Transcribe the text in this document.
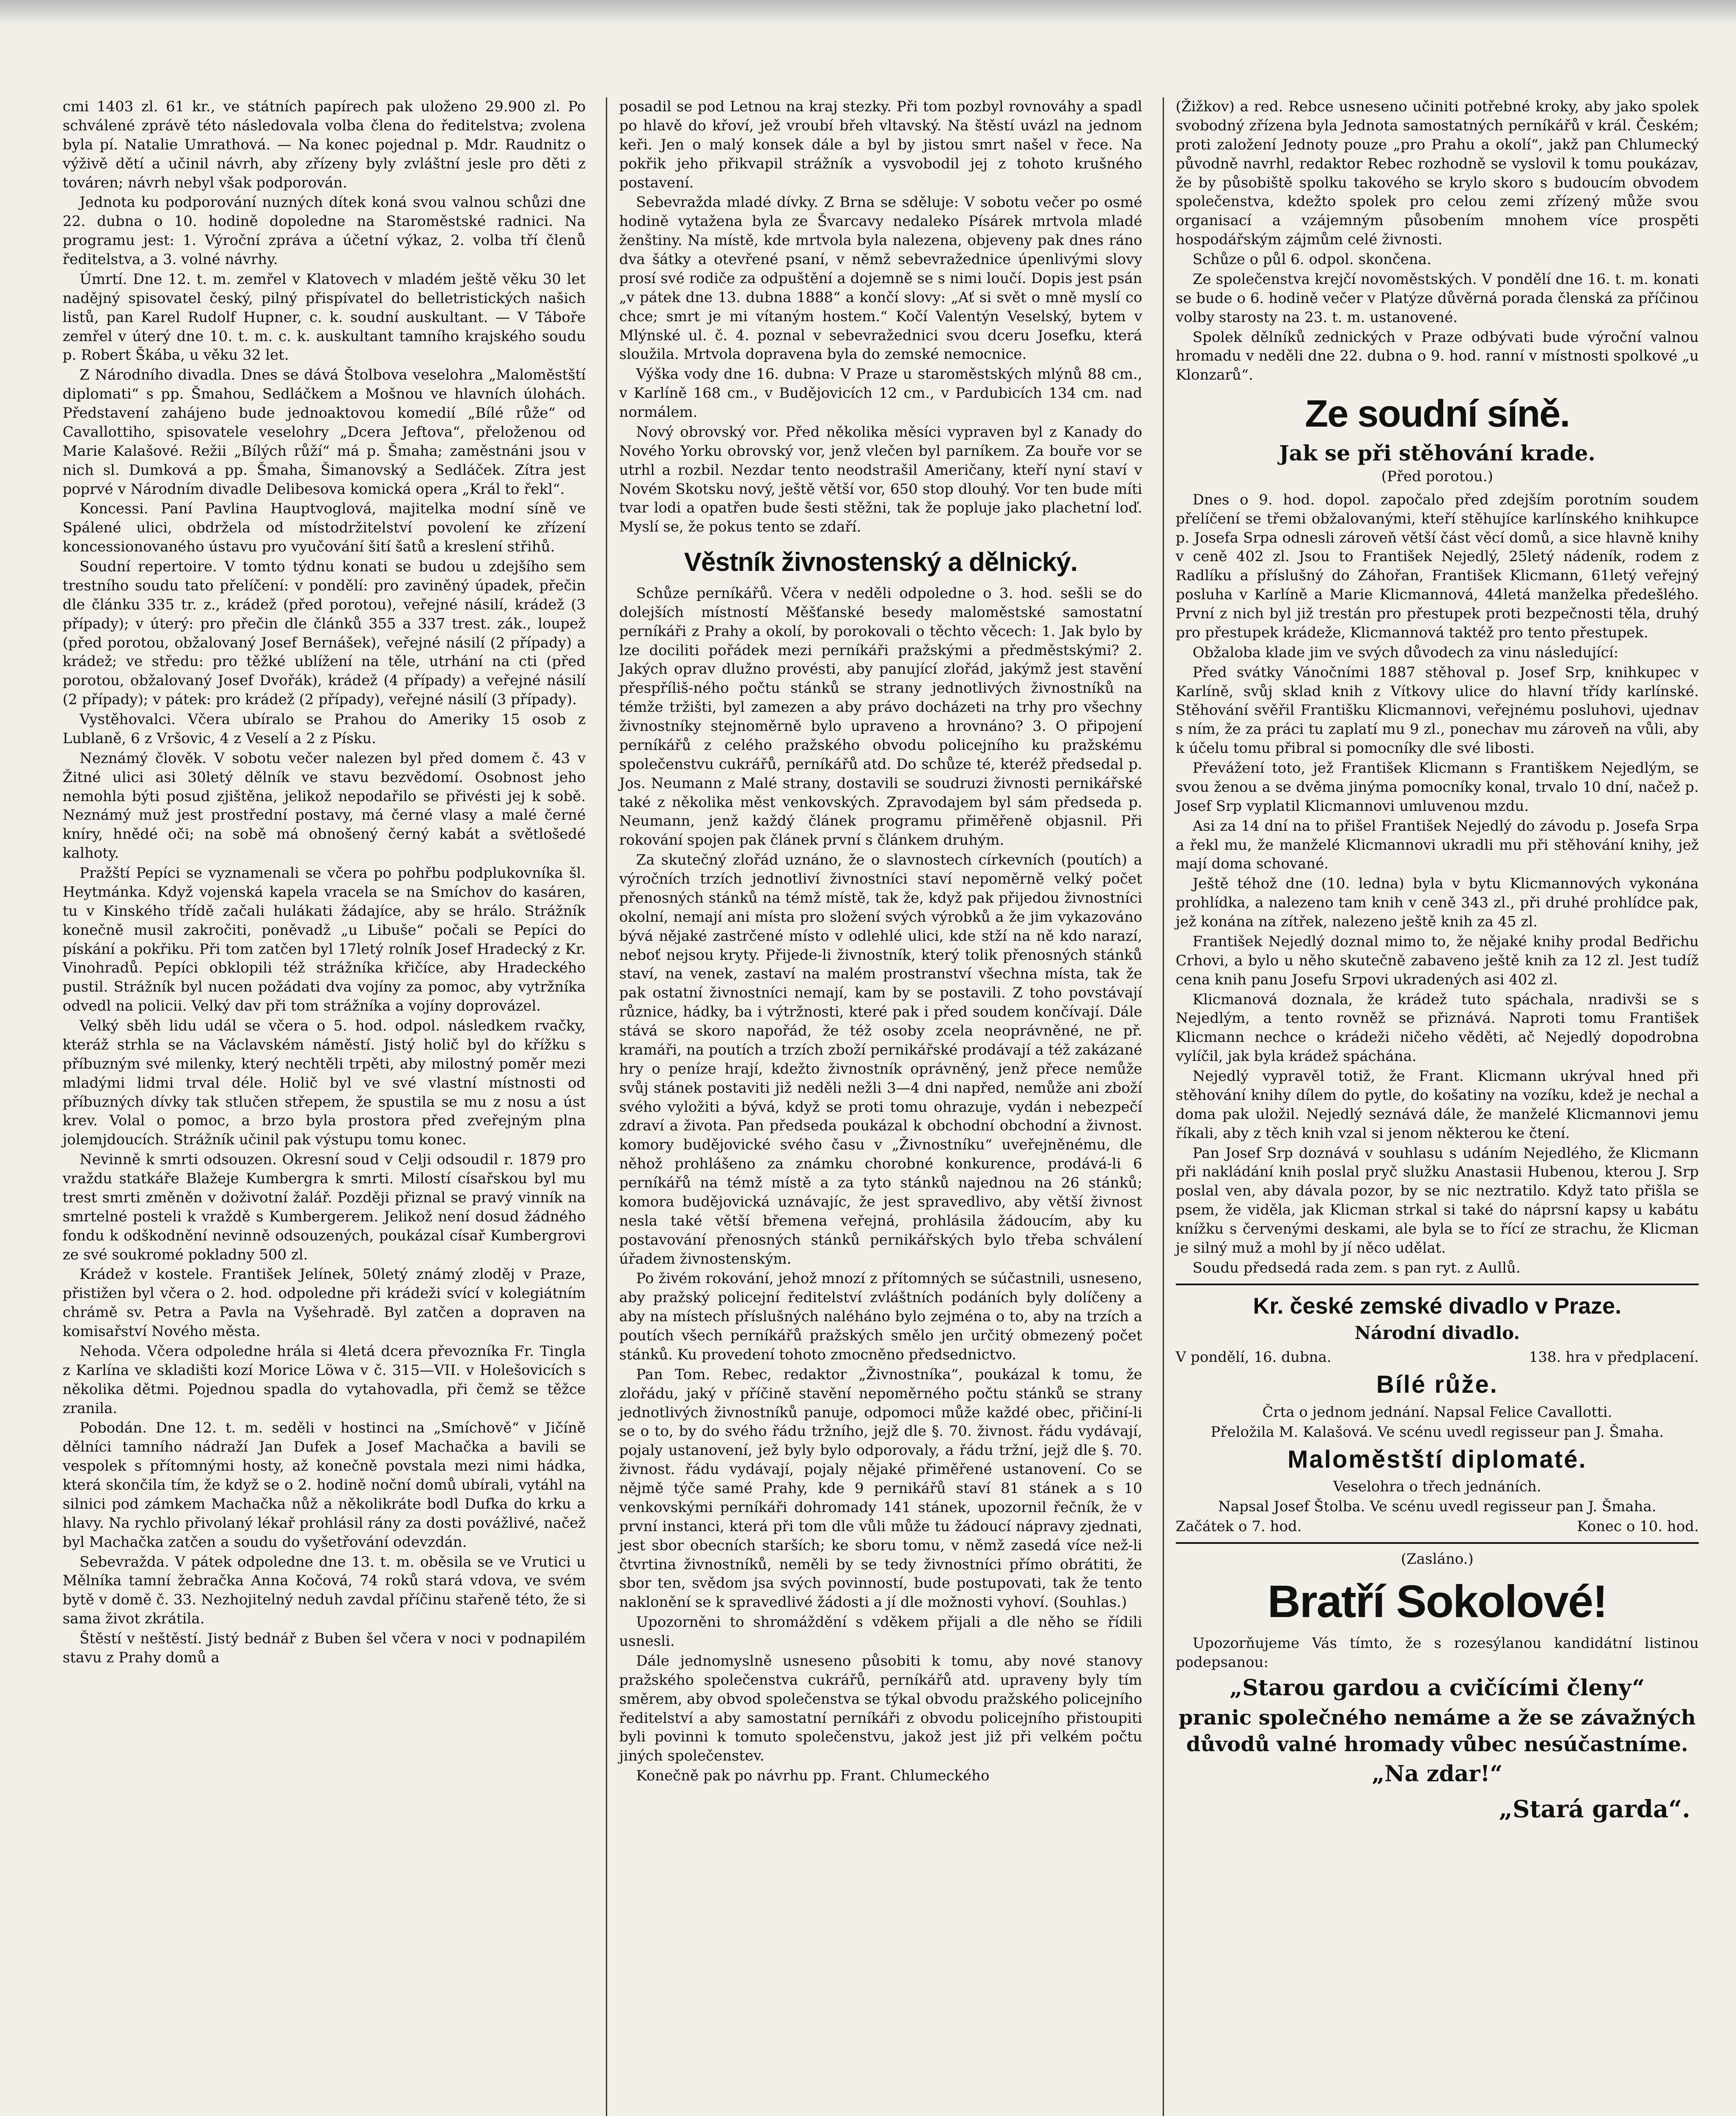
cmi 1403 zl. 61 kr., ve státních papírech pak uloženo 29.900 zl. Po schválené zprávě této následovala volba člena do ředitelstva; zvolena byla pí. Natalie Umrathová. — Na konec pojednal p. Mdr. Raudnitz o výživě dětí a učinil návrh, aby zřízeny byly zvláštní jesle pro děti z továren; návrh nebyl však podporován.

Jednota ku podporování nuzných dítek koná svou valnou schůzi dne 22. dubna o 10. hodině dopoledne na Staroměstské radnici. Na programu jest: 1. Výroční zpráva a účetní výkaz, 2. volba tří členů ředitelstva, a 3. volné návrhy.

Úmrtí. Dne 12. t. m. zemřel v Klatovech v mladém ještě věku 30 let nadějný spisovatel český, pilný přispívatel do belletristických našich listů, pan Karel Rudolf Hupner, c. k. soudní auskultant. — V Táboře zemřel v úterý dne 10. t. m. c. k. auskultant tamního krajského soudu p. Robert Škába, u věku 32 let.

Z Národního divadla. Dnes se dává Štolbova veselohra „Maloměstští diplomati“ s pp. Šmahou, Sedláčkem a Mošnou ve hlavních úlohách. Představení zahájeno bude jednoaktovou komedií „Bílé růže“ od Cavallottiho, spisovatele veselohry „Dcera Jeftova“, přeloženou od Marie Kalašové. Režii „Bílých růží“ má p. Šmaha; zaměstnáni jsou v nich sl. Dumková a pp. Šmaha, Šimanovský a Sedláček. Zítra jest poprvé v Národním divadle Delibesova komická opera „Král to řekl“.

Koncessi. Paní Pavlina Hauptvoglová, majitelka modní síně ve Spálené ulici, obdržela od místodržitelství povolení ke zřízení koncessionovaného ústavu pro vyučování šití šatů a kreslení střihů.

Soudní repertoire. V tomto týdnu konati se budou u zdejšího sem trestního soudu tato přelíčení: v pondělí: pro zaviněný úpadek, přečin dle článku 335 tr. z., krádež (před porotou), veřejné násilí, krádež (3 případy); v úterý: pro přečin dle článků 355 a 337 trest. zák., loupež (před porotou, obžalovaný Josef Bernášek), veřejné násilí (2 případy) a krádež; ve středu: pro těžké ublížení na těle, utrhání na cti (před porotou, obžalovaný Josef Dvořák), krádež (4 případy) a veřejné násilí (2 případy); v pátek: pro krádež (2 případy), veřejné násilí (3 případy).

Vystěhovalci. Včera ubíralo se Prahou do Ameriky 15 osob z Lublaně, 6 z Vršovic, 4 z Veselí a 2 z Písku.

Neznámý člověk. V sobotu večer nalezen byl před domem č. 43 v Žitné ulici asi 30letý dělník ve stavu bezvědomí. Osobnost jeho nemohla býti posud zjištěna, jelikož nepodařilo se přivésti jej k sobě. Neznámý muž jest prostřední postavy, má černé vlasy a malé černé kníry, hnědé oči; na sobě má obnošený černý kabát a světlošedé kalhoty.

Pražští Pepíci se vyznamenali se včera po pohřbu podplukovníka šl. Heytmánka. Když vojenská kapela vracela se na Smíchov do kasáren, tu v Kinského třídě začali hulákati žádajíce, aby se hrálo. Strážník konečně musil zakročiti, poněvadž „u Libuše“ počali se Pepíci do pískání a pokřiku. Při tom zatčen byl 17letý rolník Josef Hradecký z Kr. Vinohradů. Pepíci obklopili též strážníka křičíce, aby Hradeckého pustil. Strážník byl nucen požádati dva vojíny za pomoc, aby vytržníka odvedl na policii. Velký dav při tom strážníka a vojíny doprovázel.

Velký sběh lidu udál se včera o 5. hod. odpol. následkem rvačky, kteráž strhla se na Václavském náměstí. Jistý holič byl do křížku s příbuzným své milenky, který nechtěli trpěti, aby milostný poměr mezi mladými lidmi trval déle. Holič byl ve své vlastní místnosti od příbuzných dívky tak stlučen střepem, že spustila se mu z nosu a úst krev. Volal o pomoc, a brzo byla prostora před zveřejným plna jolemjdoucích. Strážník učinil pak výstupu tomu konec.

Nevinně k smrti odsouzen. Okresní soud v Celji odsoudil r. 1879 pro vraždu statkáře Blažeje Kumbergra k smrti. Milostí císařskou byl mu trest smrti změněn v doživotní žalář. Později přiznal se pravý vinník na smrtelné posteli k vraždě s Kumbergerem. Jelikož není dosud žádného fondu k odškodnění nevinně odsouzených, poukázal císař Kumbergrovi ze své soukromé pokladny 500 zl.

Krádež v kostele. František Jelínek, 50letý známý zloděj v Praze, přistižen byl včera o 2. hod. odpoledne při krádeži svící v kolegiátním chrámě sv. Petra a Pavla na Vyšehradě. Byl zatčen a dopraven na komisařství Nového města.

Nehoda. Včera odpoledne hrála si 4letá dcera převozníka Fr. Tingla z Karlína ve skladišti kozí Morice Löwa v č. 315—VII. v Holešovicích s několika dětmi. Pojednou spadla do vytahovadla, při čemž se těžce zranila.

Pobodán. Dne 12. t. m. seděli v hostinci na „Smíchově“ v Jičíně dělníci tamního nádraží Jan Dufek a Josef Machačka a bavili se vespolek s přítomnými hosty, až konečně povstala mezi nimi hádka, která skončila tím, že když se o 2. hodině noční domů ubírali, vytáhl na silnici pod zámkem Machačka nůž a několikráte bodl Dufka do krku a hlavy. Na rychlo přivolaný lékař prohlásil rány za dosti povážlivé, načež byl Machačka zatčen a soudu do vyšetřování odevzdán.

Sebevražda. V pátek odpoledne dne 13. t. m. oběsila se ve Vrutici u Mělníka tamní žebračka Anna Kočová, 74 roků stará vdova, ve svém bytě v domě č. 33. Nezhojitelný neduh zavdal příčinu stařeně této, že si sama život zkrátila.

Štěstí v neštěstí. Jistý bednář z Buben šel včera v noci v podnapilém stavu z Prahy domů a

posadil se pod Letnou na kraj stezky. Při tom pozbyl rovnováhy a spadl po hlavě do křoví, jež vroubí břeh vltavský. Na štěstí uvázl na jednom keři. Jen o malý konsek dále a byl by jistou smrt našel v řece. Na pokřik jeho přikvapil strážník a vysvobodil jej z tohoto krušného postavení.

Sebevražda mladé dívky. Z Brna se sděluje: V sobotu večer po osmé hodině vytažena byla ze Švarcavy nedaleko Písárek mrtvola mladé ženštiny. Na místě, kde mrtvola byla nalezena, objeveny pak dnes ráno dva šátky a otevřené psaní, v němž sebevražednice úpenlivými slovy prosí své rodiče za odpuštění a dojemně se s nimi loučí. Dopis jest psán „v pátek dne 13. dubna 1888“ a končí slovy: „Ať si svět o mně myslí co chce; smrt je mi vítaným hostem.“ Kočí Valentýn Veselský, bytem v Mlýnské ul. č. 4. poznal v sebevražednici svou dceru Josefku, která sloužila. Mrtvola dopravena byla do zemské nemocnice.

Výška vody dne 16. dubna: V Praze u staroměstských mlýnů 88 cm., v Karlíně 168 cm., v Budějovicích 12 cm., v Pardubicích 134 cm. nad normálem.

Nový obrovský vor. Před několika měsíci vypraven byl z Kanady do Nového Yorku obrovský vor, jenž vlečen byl parníkem. Za bouře vor se utrhl a rozbil. Nezdar tento neodstrašil Američany, kteří nyní staví v Novém Skotsku nový, ještě větší vor, 650 stop dlouhý. Vor ten bude míti tvar lodi a opatřen bude šesti stěžni, tak že popluje jako plachetní loď. Myslí se, že pokus tento se zdaří.

Věstník živnostenský a dělnický.

Schůze perníkářů. Včera v neděli odpoledne o 3. hod. sešli se do dolejších místností Měšťanské besedy maloměstské samostatní perníkáři z Prahy a okolí, by porokovali o těchto věcech: 1. Jak bylo by lze dociliti pořádek mezi perníkáři pražskými a předměstskými? 2. Jakých oprav dlužno provésti, aby panující zlořád, jakýmž jest stavění přespříliš-ného počtu stánků se strany jednotlivých živnostníků na témže tržišti, byl zamezen a aby právo docházeti na trhy pro všechny živnostníky stejnoměrně bylo upraveno a hrovnáno? 3. O připojení perníkářů z celého pražského obvodu policejního ku pražskému společenstvu cukrářů, perníkářů atd. Do schůze té, kteréž předsedal p. Jos. Neumann z Malé strany, dostavili se soudruzi živnosti pernikářské také z několika měst venkovských. Zpravodajem byl sám předseda p. Neumann, jenž každý článek programu přiměřeně objasnil. Při rokování spojen pak článek první s článkem druhým.

Za skutečný zlořád uznáno, že o slavnostech církevních (poutích) a výročních trzích jednotliví živnostníci staví nepoměrně velký počet přenosných stánků na témž místě, tak že, když pak přijedou živnostníci okolní, nemají ani místa pro složení svých výrobků a že jim vykazováno bývá nějaké zastrčené místo v odlehlé ulici, kde stží na ně kdo narazí, neboť nejsou kryty. Přijede-li živnostník, který tolik přenosných stánků staví, na venek, zastaví na malém prostranství všechna místa, tak že pak ostatní živnostníci nemají, kam by se postavili. Z toho povstávají různice, hádky, ba i výtržnosti, které pak i před soudem končívají. Dále stává se skoro napořád, že též osoby zcela neoprávněné, ne př. kramáři, na poutích a trzích zboží pernikářské prodávají a též zakázané hry o peníze hrají, kdežto živnostník oprávněný, jenž přece nemůže svůj stánek postaviti již neděli nežli 3—4 dni napřed, nemůže ani zboží svého vyložiti a bývá, když se proti tomu ohrazuje, vydán i nebezpečí zdraví a života. Pan předseda poukázal k obchodní obchodní a živnost. komory budějovické svého času v „Živnostníku“ uveřejněnému, dle něhož prohlášeno za známku chorobné konkurence, prodává-li 6 perníkářů na témž místě a za tyto stánků najednou na 26 stánků; komora budějovická uznávajíc, že jest spravedlivo, aby větší živnost nesla také větší břemena veřejná, prohlásila žádoucím, aby ku postavování přenosných stánků pernikářských bylo třeba schválení úřadem živnostenským.

Po živém rokování, jehož mnozí z přítomných se súčastnili, usneseno, aby pražský policejní ředitelství zvláštních podáních byly dolíčeny a aby na místech příslušných naléháno bylo zejména o to, aby na trzích a poutích všech perníkářů pražských smělo jen určitý obmezený počet stánků. Ku provedení tohoto zmocněno předsednictvo.

Pan Tom. Rebec, redaktor „Živnostníka“, poukázal k tomu, že zlořádu, jaký v příčině stavění nepoměrného počtu stánků se strany jednotlivých živnostníků panuje, odpomoci může každé obec, přičiní-li se o to, by do svého řádu tržního, jejž dle §. 70. živnost. řádu vydávají, pojaly ustanovení, jež byly bylo odporovaly, a řádu tržní, jejž dle §. 70. živnost. řádu vydávají, pojaly nějaké přiměřené ustanovení. Co se nějmě týče samé Prahy, kde 9 pernikářů staví 81 stánek a s 10 venkovskými perníkáři dohromady 141 stánek, upozornil řečník, že v první instanci, která při tom dle vůli může tu žádoucí nápravy zjednati, jest sbor obecních starších; ke sboru tomu, v němž zasedá více než-li čtvrtina živnostníků, neměli by se tedy živnostníci přímo obrátiti, že sbor ten, svědom jsa svých povinností, bude postupovati, tak že tento naklonění se k spravedlivé žádosti a jí dle možnosti vyhoví. (Souhlas.)

Upozorněni to shromáždění s vděkem přijali a dle něho se řídili usnesli.

Dále jednomyslně usneseno působiti k tomu, aby nové stanovy pražského společenstva cukrářů, perníkářů atd. upraveny byly tím směrem, aby obvod společenstva se týkal obvodu pražského policejního ředitelství a aby samostatní perníkáři z obvodu policejního přistoupiti byli povinni k tomuto společenstvu, jakož jest již při velkém počtu jiných společenstev.

Konečně pak po návrhu pp. Frant. Chlumeckého

(Žižkov) a red. Rebce usneseno učiniti potřebné kroky, aby jako spolek svobodný zřízena byla Jednota samostatných perníkářů v král. Českém; proti založení Jednoty pouze „pro Prahu a okolí“, jakž pan Chlumecký původně navrhl, redaktor Rebec rozhodně se vyslovil k tomu poukázav, že by působiště spolku takového se krylo skoro s budoucím obvodem společenstva, kdežto spolek pro celou zemi zřízený může svou organisací a vzájemným působením mnohem více prospěti hospodářským zájmům celé živnosti.

Schůze o půl 6. odpol. skončena.

Ze společenstva krejčí novoměstských. V pondělí dne 16. t. m. konati se bude o 6. hodině večer v Platýze důvěrná porada členská za příčinou volby starosty na 23. t. m. ustanovené.

Spolek dělníků zednických v Praze odbývati bude výroční valnou hromadu v neděli dne 22. dubna o 9. hod. ranní v místnosti spolkové „u Klonzarů“.

Ze soudní síně.
Jak se při stěhování krade.
(Před porotou.)

Dnes o 9. hod. dopol. započalo před zdejším porotním soudem přelíčení se třemi obžalovanými, kteří stěhujíce karlínského knihkupce p. Josefa Srpa odnesli zároveň větší část věcí domů, a sice hlavně knihy v ceně 402 zl. Jsou to František Nejedlý, 25letý nádeník, rodem z Radlíku a příslušný do Záhořan, František Klicmann, 61letý veřejný posluha v Karlíně a Marie Klicmannová, 44letá manželka předešlého. První z nich byl již trestán pro přestupek proti bezpečnosti těla, druhý pro přestupek krádeže, Klicmannová taktéž pro tento přestupek.

Obžaloba klade jim ve svých důvodech za vinu následující:

Před svátky Vánočními 1887 stěhoval p. Josef Srp, knihkupec v Karlíně, svůj sklad knih z Vítkovy ulice do hlavní třídy karlínské. Stěhování svěřil Františku Klicmannovi, veřejnému posluhovi, ujednav s ním, že za práci tu zaplatí mu 9 zl., ponechav mu zároveň na vůli, aby k účelu tomu přibral si pomocníky dle své libosti.

Převážení toto, jež František Klicmann s Františkem Nejedlým, se svou ženou a se dvěma jinýma pomocníky konal, trvalo 10 dní, načež p. Josef Srp vyplatil Klicmannovi umluvenou mzdu.

Asi za 14 dní na to přišel František Nejedlý do závodu p. Josefa Srpa a řekl mu, že manželé Klicmannovi ukradli mu při stěhování knihy, jež mají doma schované.

Ještě téhož dne (10. ledna) byla v bytu Klicmannových vykonána prohlídka, a nalezeno tam knih v ceně 343 zl., při druhé prohlídce pak, jež konána na zítřek, nalezeno ještě knih za 45 zl.

František Nejedlý doznal mimo to, že nějaké knihy prodal Bedřichu Crhovi, a bylo u něho skutečně zabaveno ještě knih za 12 zl. Jest tudíž cena knih panu Josefu Srpovi ukradených asi 402 zl.

Klicmanová doznala, že krádež tuto spáchala, nradivši se s Nejedlým, a tento rovněž se přiznává. Naproti tomu František Klicmann nechce o krádeži ničeho věděti, ač Nejedlý dopodrobna vylíčil, jak byla krádež spáchána.

Nejedlý vypravěl totiž, že Frant. Klicmann ukrýval hned při stěhování knihy dílem do pytle, do košatiny na vozíku, kdež je nechal a doma pak uložil. Nejedlý seznává dále, že manželé Klicmannovi jemu říkali, aby z těch knih vzal si jenom některou ke čtení.

Pan Josef Srp doznává v souhlasu s udáním Nejedlého, že Klicmann při nakládání knih poslal pryč služku Anastasii Hubenou, kterou J. Srp poslal ven, aby dávala pozor, by se nic neztratilo. Když tato přišla se psem, že viděla, jak Klicman strkal si také do náprsní kapsy u kabátu knížku s červenými deskami, ale byla se to řící ze strachu, že Klicman je silný muž a mohl by jí něco udělat.

Soudu předsedá rada zem. s pan ryt. z Aullů.

Kr. české zemské divadlo v Praze.
Národní divadlo.
V pondělí, 16. dubna.	138. hra v předplacení.
Bílé růže.

Črta o jednom jednání. Napsal Felice Cavallotti.

Přeložila M. Kalašová. Ve scénu uvedl regisseur pan J. Šmaha.

Maloměstští diplomaté.

Veselohra o třech jednáních.

Napsal Josef Štolba. Ve scénu uvedl regisseur pan J. Šmaha.

Začátek o 7. hod.	Konec o 10. hod.

(Zasláno.)

Bratří Sokolové!

Upozorňujeme Vás tímto, že s rozesýlanou kandidátní listinou podepsanou:

„Starou gardou a cvičícími členy“
pranic společného nemáme a že se závažných důvodů valné hromady vůbec nesúčastníme.
„Na zdar!“
„Stará garda“.
